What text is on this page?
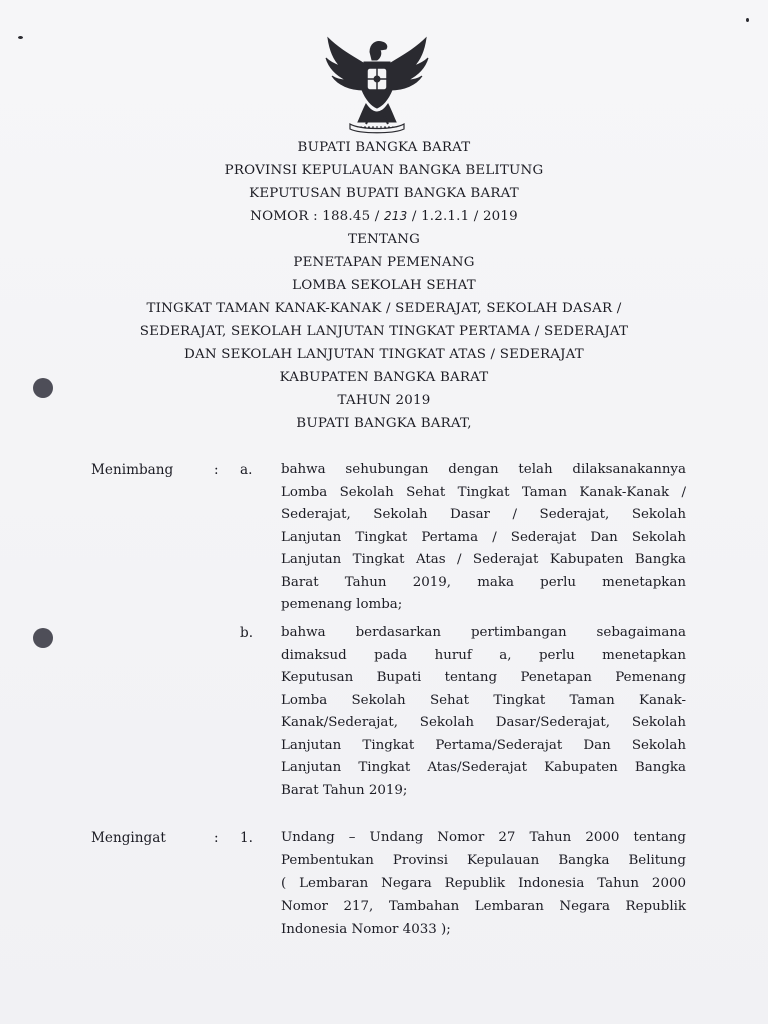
BUPATI BANGKA BARAT
PROVINSI KEPULAUAN BANGKA BELITUNG
KEPUTUSAN BUPATI BANGKA BARAT
NOMOR : 188.45 / 213 / 1.2.1.1 / 2019
TENTANG
PENETAPAN PEMENANG
LOMBA SEKOLAH SEHAT
TINGKAT TAMAN KANAK-KANAK / SEDERAJAT, SEKOLAH DASAR /
SEDERAJAT, SEKOLAH LANJUTAN TINGKAT PERTAMA / SEDERAJAT
DAN SEKOLAH LANJUTAN TINGKAT ATAS / SEDERAJAT
KABUPATEN BANGKA BARAT
TAHUN 2019
BUPATI BANGKA BARAT,
Menimbang	: a. bahwa sehubungan dengan telah dilaksanakannya
Lomba Sekolah Sehat Tingkat Taman Kanak-Kanak /
Sederajat, Sekolah Dasar / Sederajat, Sekolah
Lanjutan Tingkat Pertama / Sederajat Dan Sekolah
Lanjutan Tingkat Atas / Sederajat Kabupaten Bangka
Barat Tahun 2019, maka perlu menetapkan
pemenang lomba;
b. bahwa berdasarkan pertimbangan sebagaimana
dimaksud pada huruf a, perlu menetapkan
Keputusan Bupati tentang Penetapan Pemenang
Lomba Sekolah Sehat Tingkat Taman Kanak-
Kanak/Sederajat, Sekolah Dasar/Sederajat, Sekolah
Lanjutan Tingkat Pertama/Sederajat Dan Sekolah
Lanjutan Tingkat Atas/Sederajat Kabupaten Bangka
Barat Tahun 2019;
Mengingat	: 1. Undang – Undang Nomor 27 Tahun 2000 tentang
Pembentukan Provinsi Kepulauan Bangka Belitung
( Lembaran Negara Republik Indonesia Tahun 2000
Nomor 217, Tambahan Lembaran Negara Republik
Indonesia Nomor 4033 );
